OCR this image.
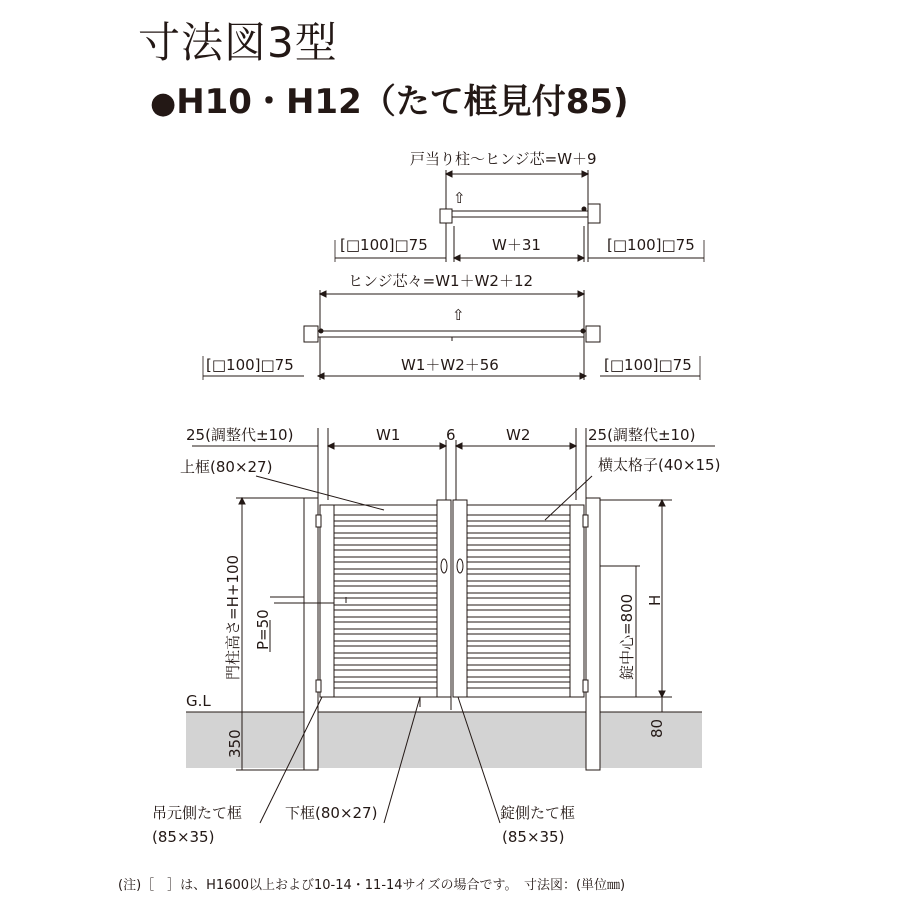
寸法図3型
●H10・H12（たて框見付85)
戸当り柱～ヒンジ芯=W＋9
⇧
[□100]□75	W＋31	[□100]□75
ヒンジ芯々=W1＋W2＋12
⇧
[□100]□75	W1＋W2＋56	[□100]□75
25(調整代±10)	W1	6	W2	25(調整代±10)
上框(80×27)	横太格子(40×15)
門柱高さ=H+100 P=50	錠中心=800 H
350
80
G.L
吊元側たて框
(85×35)
下框(80×27)	錠側たて框
(85×35)
(注)［　］は、H1600以上および10-14・11-14サイズの場合です。　寸法図：(単位㎜)
